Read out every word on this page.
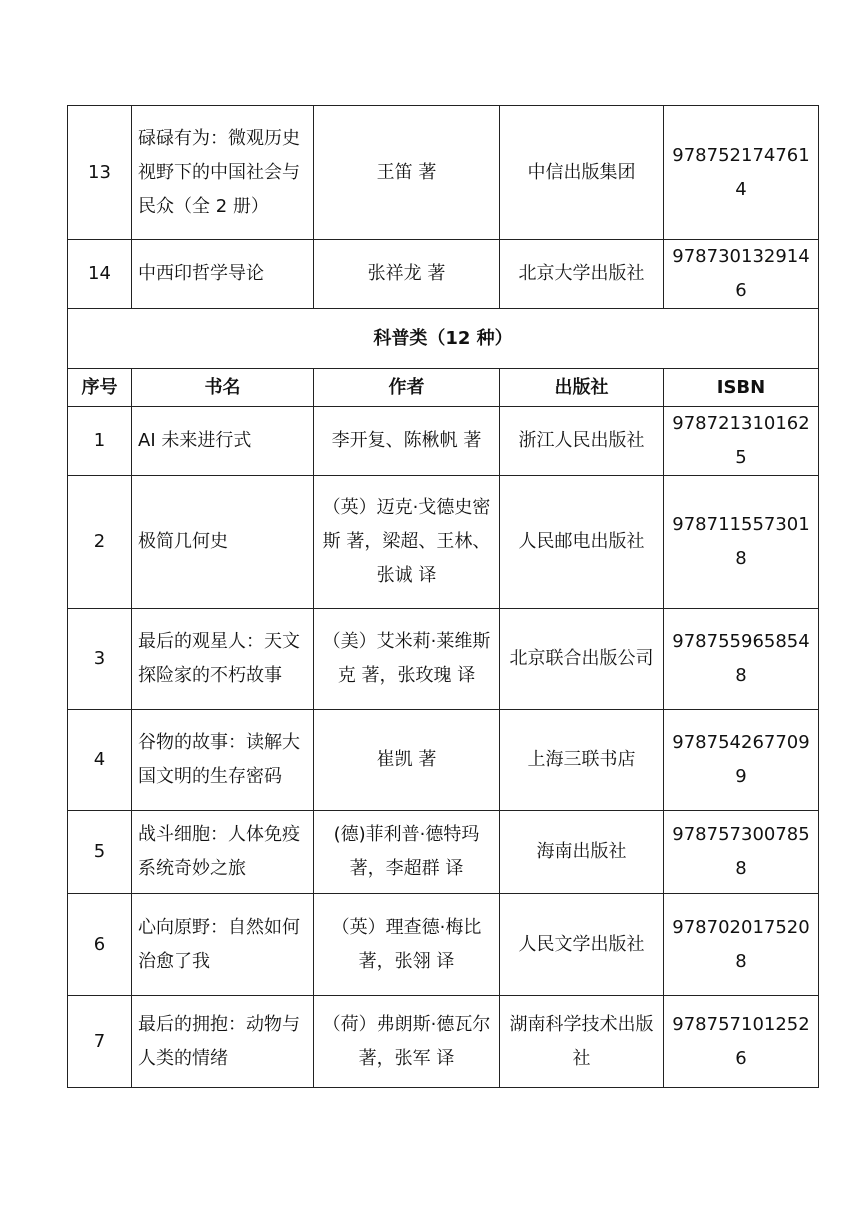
13	碌碌有为：微观历史视野下的中国社会与民众（全 2 册）	王笛 著	中信出版集团	9787521747614
14	中西印哲学导论	张祥龙 著	北京大学出版社	9787301329146
科普类（12 种）				
序号	书名	作者	出版社	ISBN
1	AI 未来进行式	李开复、陈楸帆 著	浙江人民出版社	9787213101625
2	极简几何史	（英）迈克·戈德史密斯 著，梁超、王林、张诚 译	人民邮电出版社	9787115573018
3	最后的观星人：天文探险家的不朽故事	（美）艾米莉·莱维斯克 著，张玫瑰 译	北京联合出版公司	9787559658548
4	谷物的故事：读解大国文明的生存密码	崔凯 著	上海三联书店	9787542677099
5	战斗细胞：人体免疫系统奇妙之旅	(德)菲利普·德特玛 著，李超群 译	海南出版社	9787573007858
6	心向原野：自然如何治愈了我	（英）理查德·梅比 著，张翎 译	人民文学出版社	9787020175208
7	最后的拥抱：动物与人类的情绪	（荷）弗朗斯·德瓦尔 著，张军 译	湖南科学技术出版社	9787571012526
